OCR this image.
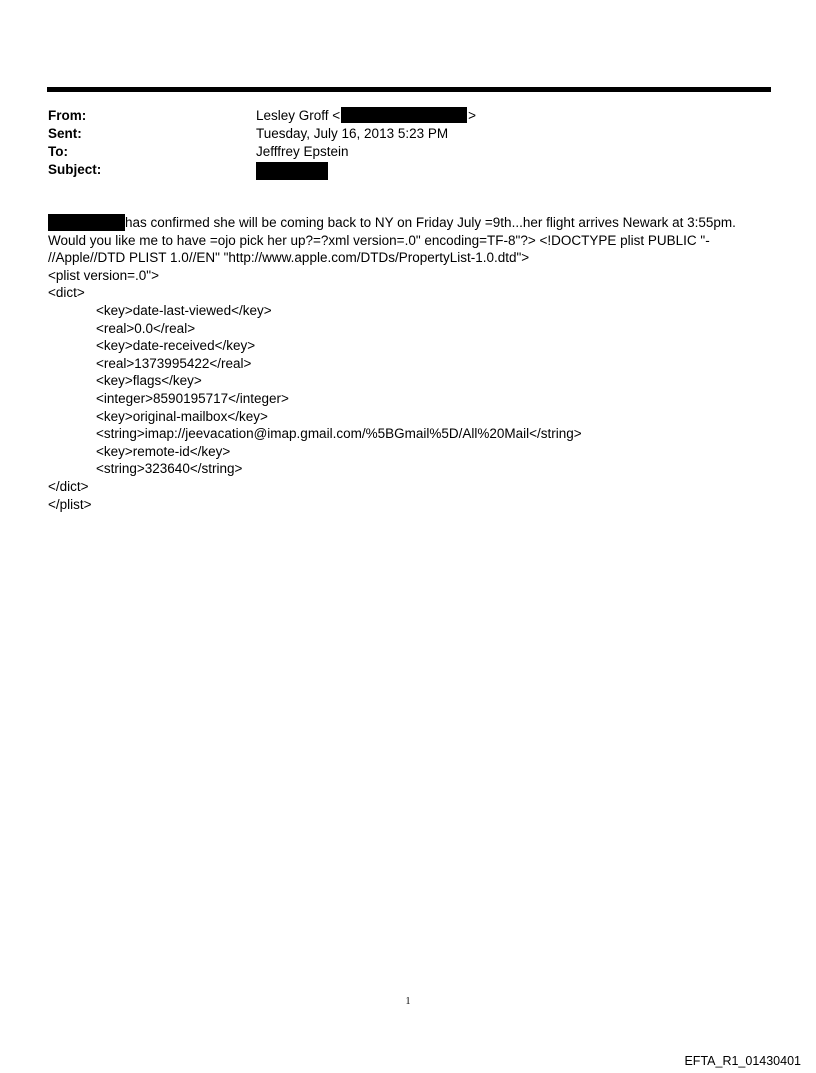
From:	Lesley Groff <	>
Sent:	Tuesday, July 16, 2013 5:23 PM
To:	Jefffrey Epstein
Subject:
has confirmed she will be coming back to NY on Friday July =9th...her flight arrives Newark at 3:55pm.
Would you like me to have =ojo pick her up?=?xml version=.0" encoding=TF-8"?> <!DOCTYPE plist PUBLIC "-
//Apple//DTD PLIST 1.0//EN" "http://www.apple.com/DTDs/PropertyList-1.0.dtd">
<plist version=.0">
<dict>
<key>date-last-viewed</key>
<real>0.0</real>
<key>date-received</key>
<real>1373995422</real>
<key>flags</key>
<integer>8590195717</integer>
<key>original-mailbox</key>
<string>imap://jeevacation@imap.gmail.com/%5BGmail%5D/All%20Mail</string>
<key>remote-id</key>
<string>323640</string>
</dict>
</plist>
1
EFTA_R1_01430401
